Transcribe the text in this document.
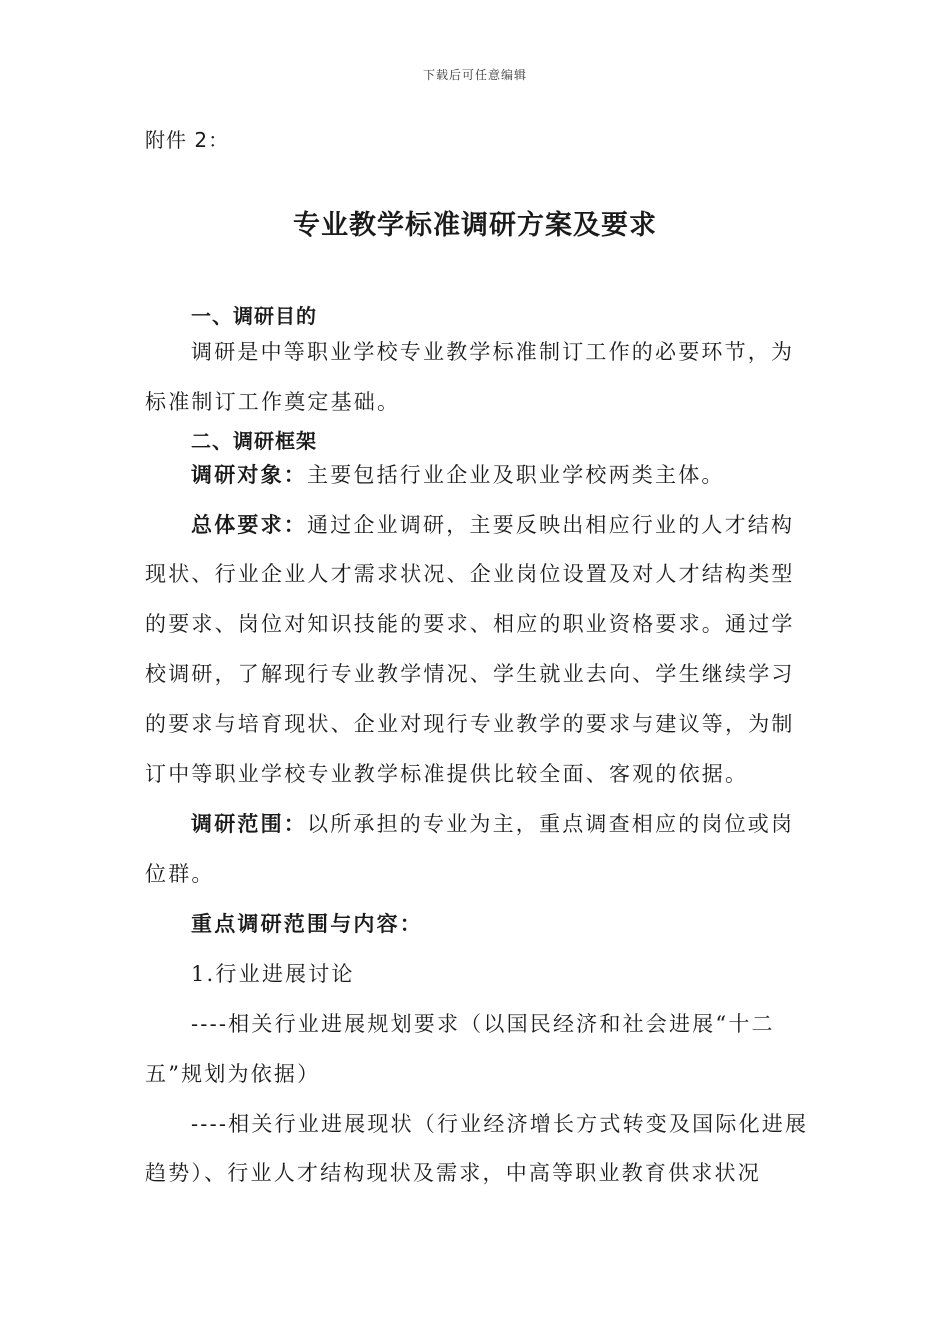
下载后可任意编辑
附件 2：
专业教学标准调研方案及要求
一、调研目的
调研是中等职业学校专业教学标准制订工作的必要环节，为
标准制订工作奠定基础。
二、调研框架
调研对象：主要包括行业企业及职业学校两类主体。
总体要求：通过企业调研，主要反映出相应行业的人才结构
现状、行业企业人才需求状况、企业岗位设置及对人才结构类型
的要求、岗位对知识技能的要求、相应的职业资格要求。通过学
校调研，了解现行专业教学情况、学生就业去向、学生继续学习
的要求与培育现状、企业对现行专业教学的要求与建议等，为制
订中等职业学校专业教学标准提供比较全面、客观的依据。
调研范围：以所承担的专业为主，重点调查相应的岗位或岗
位群。
重点调研范围与内容：
1.行业进展讨论
----相关行业进展规划要求（以国民经济和社会进展“十二
五”规划为依据）
----相关行业进展现状（行业经济增长方式转变及国际化进展
趋势）、行业人才结构现状及需求，中高等职业教育供求状况
